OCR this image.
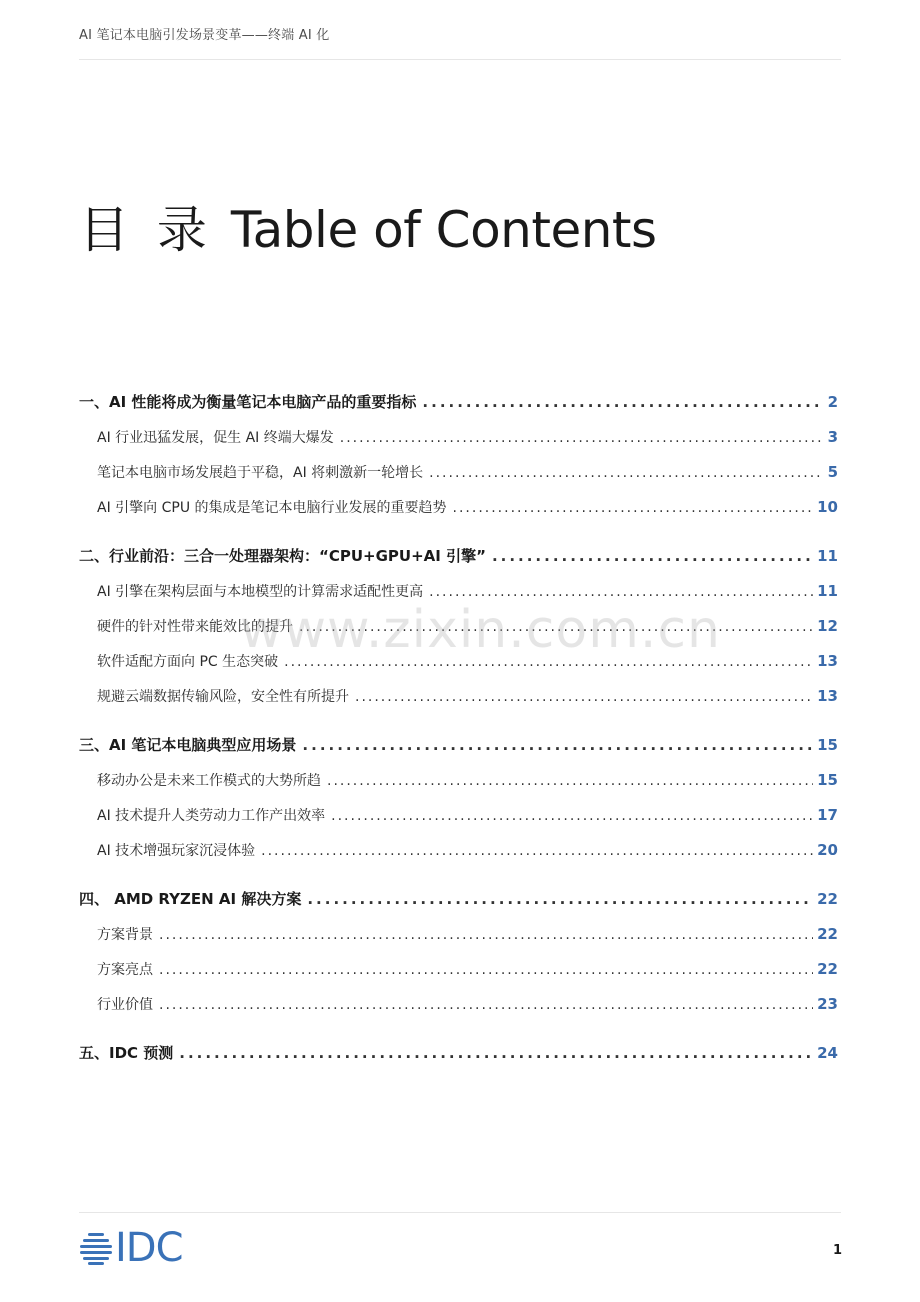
AI 笔记本电脑引发场景变革——终端 AI 化
目 录 Table of Contents
一、AI 性能将成为衡量笔记本电脑产品的重要指标 .....	2
AI 行业迅猛发展，促生 AI 终端大爆发 .....	3
笔记本电脑市场发展趋于平稳，AI 将刺激新一轮增长 .....	5
AI 引擎向 CPU 的集成是笔记本电脑行业发展的重要趋势 .....	10
二、行业前沿：三合一处理器架构：“CPU+GPU+AI 引擎” .....	11
AI 引擎在架构层面与本地模型的计算需求适配性更高 .....	11
硬件的针对性带来能效比的提升 .....	12
软件适配方面向 PC 生态突破 .....	13
规避云端数据传输风险，安全性有所提升 .....	13
三、AI 笔记本电脑典型应用场景 .....	15
移动办公是未来工作模式的大势所趋 .....	15
AI 技术提升人类劳动力工作产出效率 .....	17
AI 技术增强玩家沉浸体验 .....	20
四、 AMD RYZEN AI 解决方案 .....	22
方案背景 .....	22
方案亮点 .....	22
行业价值 .....	23
五、IDC 预测 .....	24
www.zixin.com.cn
IDC	1
